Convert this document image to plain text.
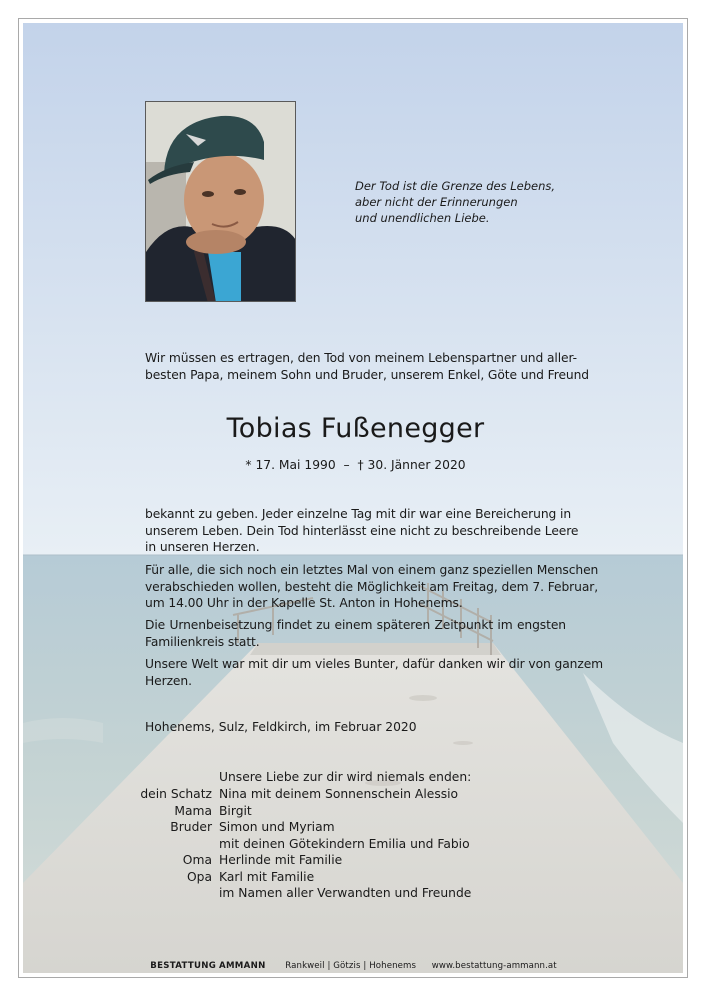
Der Tod ist die Grenze des Lebens,
aber nicht der Erinnerungen
und unendlichen Liebe.
Wir müssen es ertragen, den Tod von meinem Lebenspartner und aller-
besten Papa, meinem Sohn und Bruder, unserem Enkel, Göte und Freund
Tobias Fußenegger
* 17. Mai 1990 – † 30. Jänner 2020
bekannt zu geben. Jeder einzelne Tag mit dir war eine Bereicherung in
unserem Leben. Dein Tod hinterlässt eine nicht zu beschreibende Leere
in unseren Herzen.
Für alle, die sich noch ein letztes Mal von einem ganz speziellen Menschen
verabschieden wollen, besteht die Möglichkeit am Freitag, dem 7. Februar,
um 14.00 Uhr in der Kapelle St. Anton in Hohenems.
Die Urnenbeisetzung findet zu einem späteren Zeitpunkt im engsten
Familienkreis statt.
Unsere Welt war mit dir um vieles Bunter, dafür danken wir dir von ganzem
Herzen.
Hohenems, Sulz, Feldkirch, im Februar 2020
Unsere Liebe zur dir wird niemals enden:
dein Schatz Nina mit deinem Sonnenschein Alessio
Mama Birgit
Bruder Simon und Myriam
mit deinen Götekindern Emilia und Fabio
Oma Herlinde mit Familie
Opa Karl mit Familie
im Namen aller Verwandten und Freunde
BESTATTUNG AMMANN Rankweil | Götzis | Hohenems www.bestattung-ammann.at
